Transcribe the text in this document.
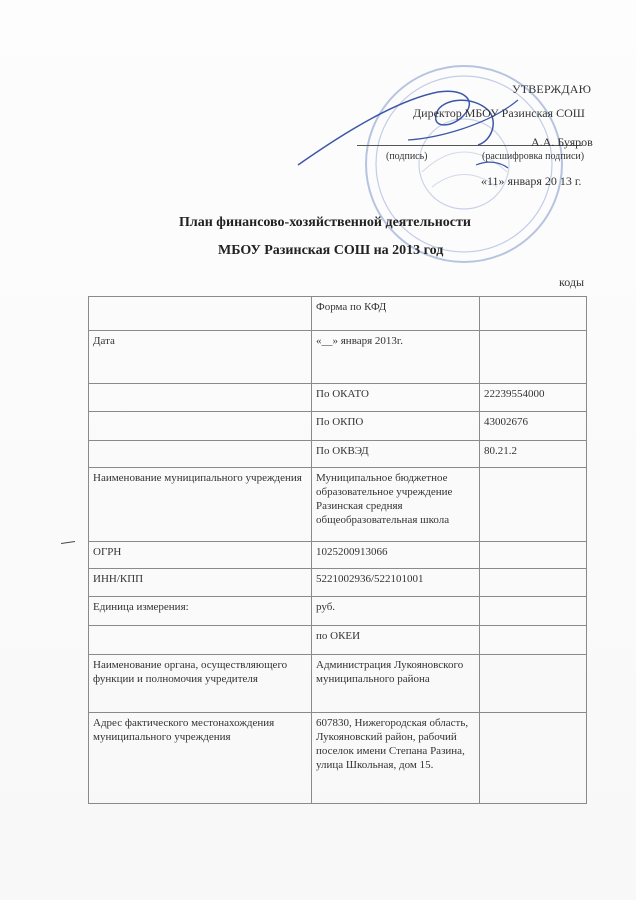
УТВЕРЖДАЮ
Директор МБОУ Разинская СОШ
А.А. Буяров
(подпись)	(расшифровка подписи)
«11» января 20 13 г.
План финансово-хозяйственной деятельности
МБОУ Разинская СОШ на 2013 год
коды
	Форма по КФД	
Дата	«__» января 2013г.	
	По ОКАТО	22239554000
	По ОКПО	43002676
	По ОКВЭД	80.21.2
Наименование муниципального учреждения	Муниципальное бюджетное образовательное учреждение Разинская средняя общеобразовательная школа	
ОГРН	1025200913066	
ИНН/КПП	5221002936/522101001	
Единица измерения:	руб.	
	по ОКЕИ	
Наименование органа, осуществляющего функции и полномочия учредителя	Администрация Лукояновского муниципального района	
Адрес фактического местонахождения муниципального учреждения	607830, Нижегородская область, Лукояновский район, рабочий поселок имени Степана Разина, улица Школьная, дом 15.	
